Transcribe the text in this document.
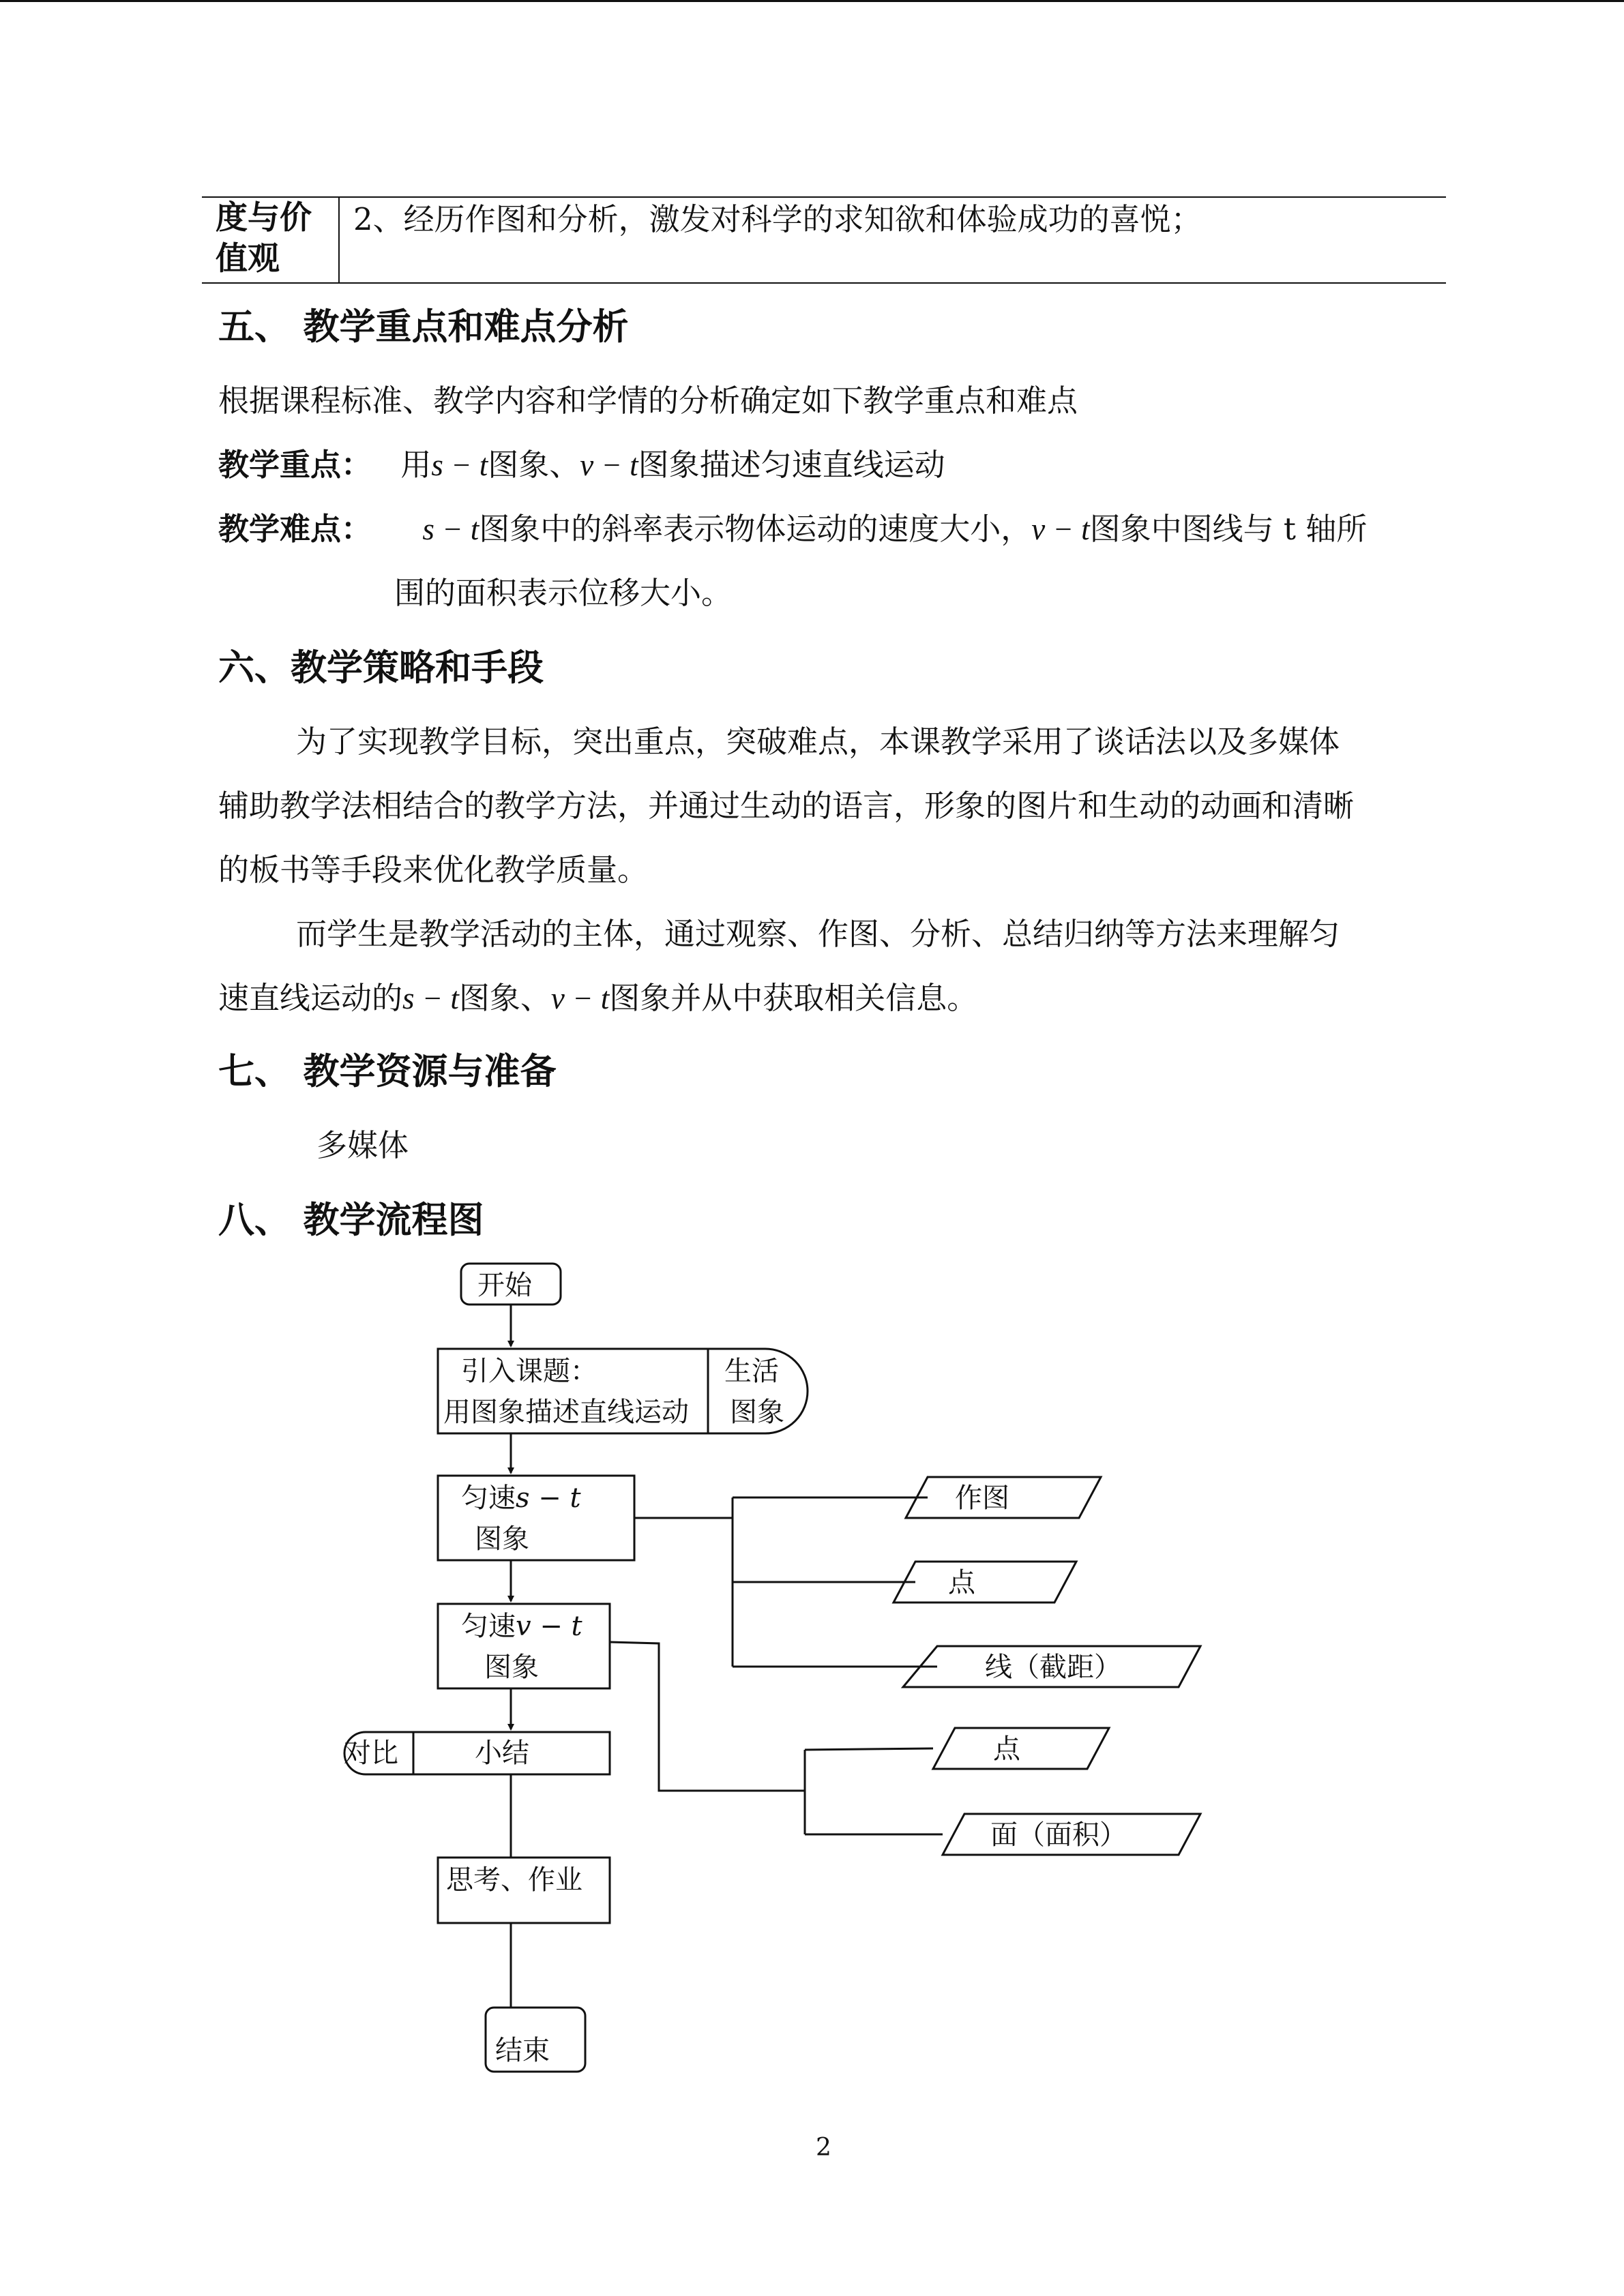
度与价值观
2、经历作图和分析，激发对科学的求知欲和体验成功的喜悦；
五、 教学重点和难点分析
根据课程标准、教学内容和学情的分析确定如下教学重点和难点
教学重点： 用s − t图象、v − t图象描述匀速直线运动
教学难点： s − t图象中的斜率表示物体运动的速度大小，v − t图象中图线与 t 轴所
围的面积表示位移大小。
六、教学策略和手段
为了实现教学目标，突出重点，突破难点，本课教学采用了谈话法以及多媒体
辅助教学法相结合的教学方法，并通过生动的语言，形象的图片和生动的动画和清晰
的板书等手段来优化教学质量。
而学生是教学活动的主体，通过观察、作图、分析、总结归纳等方法来理解匀
速直线运动的s − t图象、v − t图象并从中获取相关信息。
七、 教学资源与准备
多媒体
八、 教学流程图
开始
引入课题：
用图象描述直线运动
生活
图象
匀速s − t
图象
匀速v − t
图象
对比	小结
思考、作业
结束
作图
点
线（截距）
点
面（面积）
2
